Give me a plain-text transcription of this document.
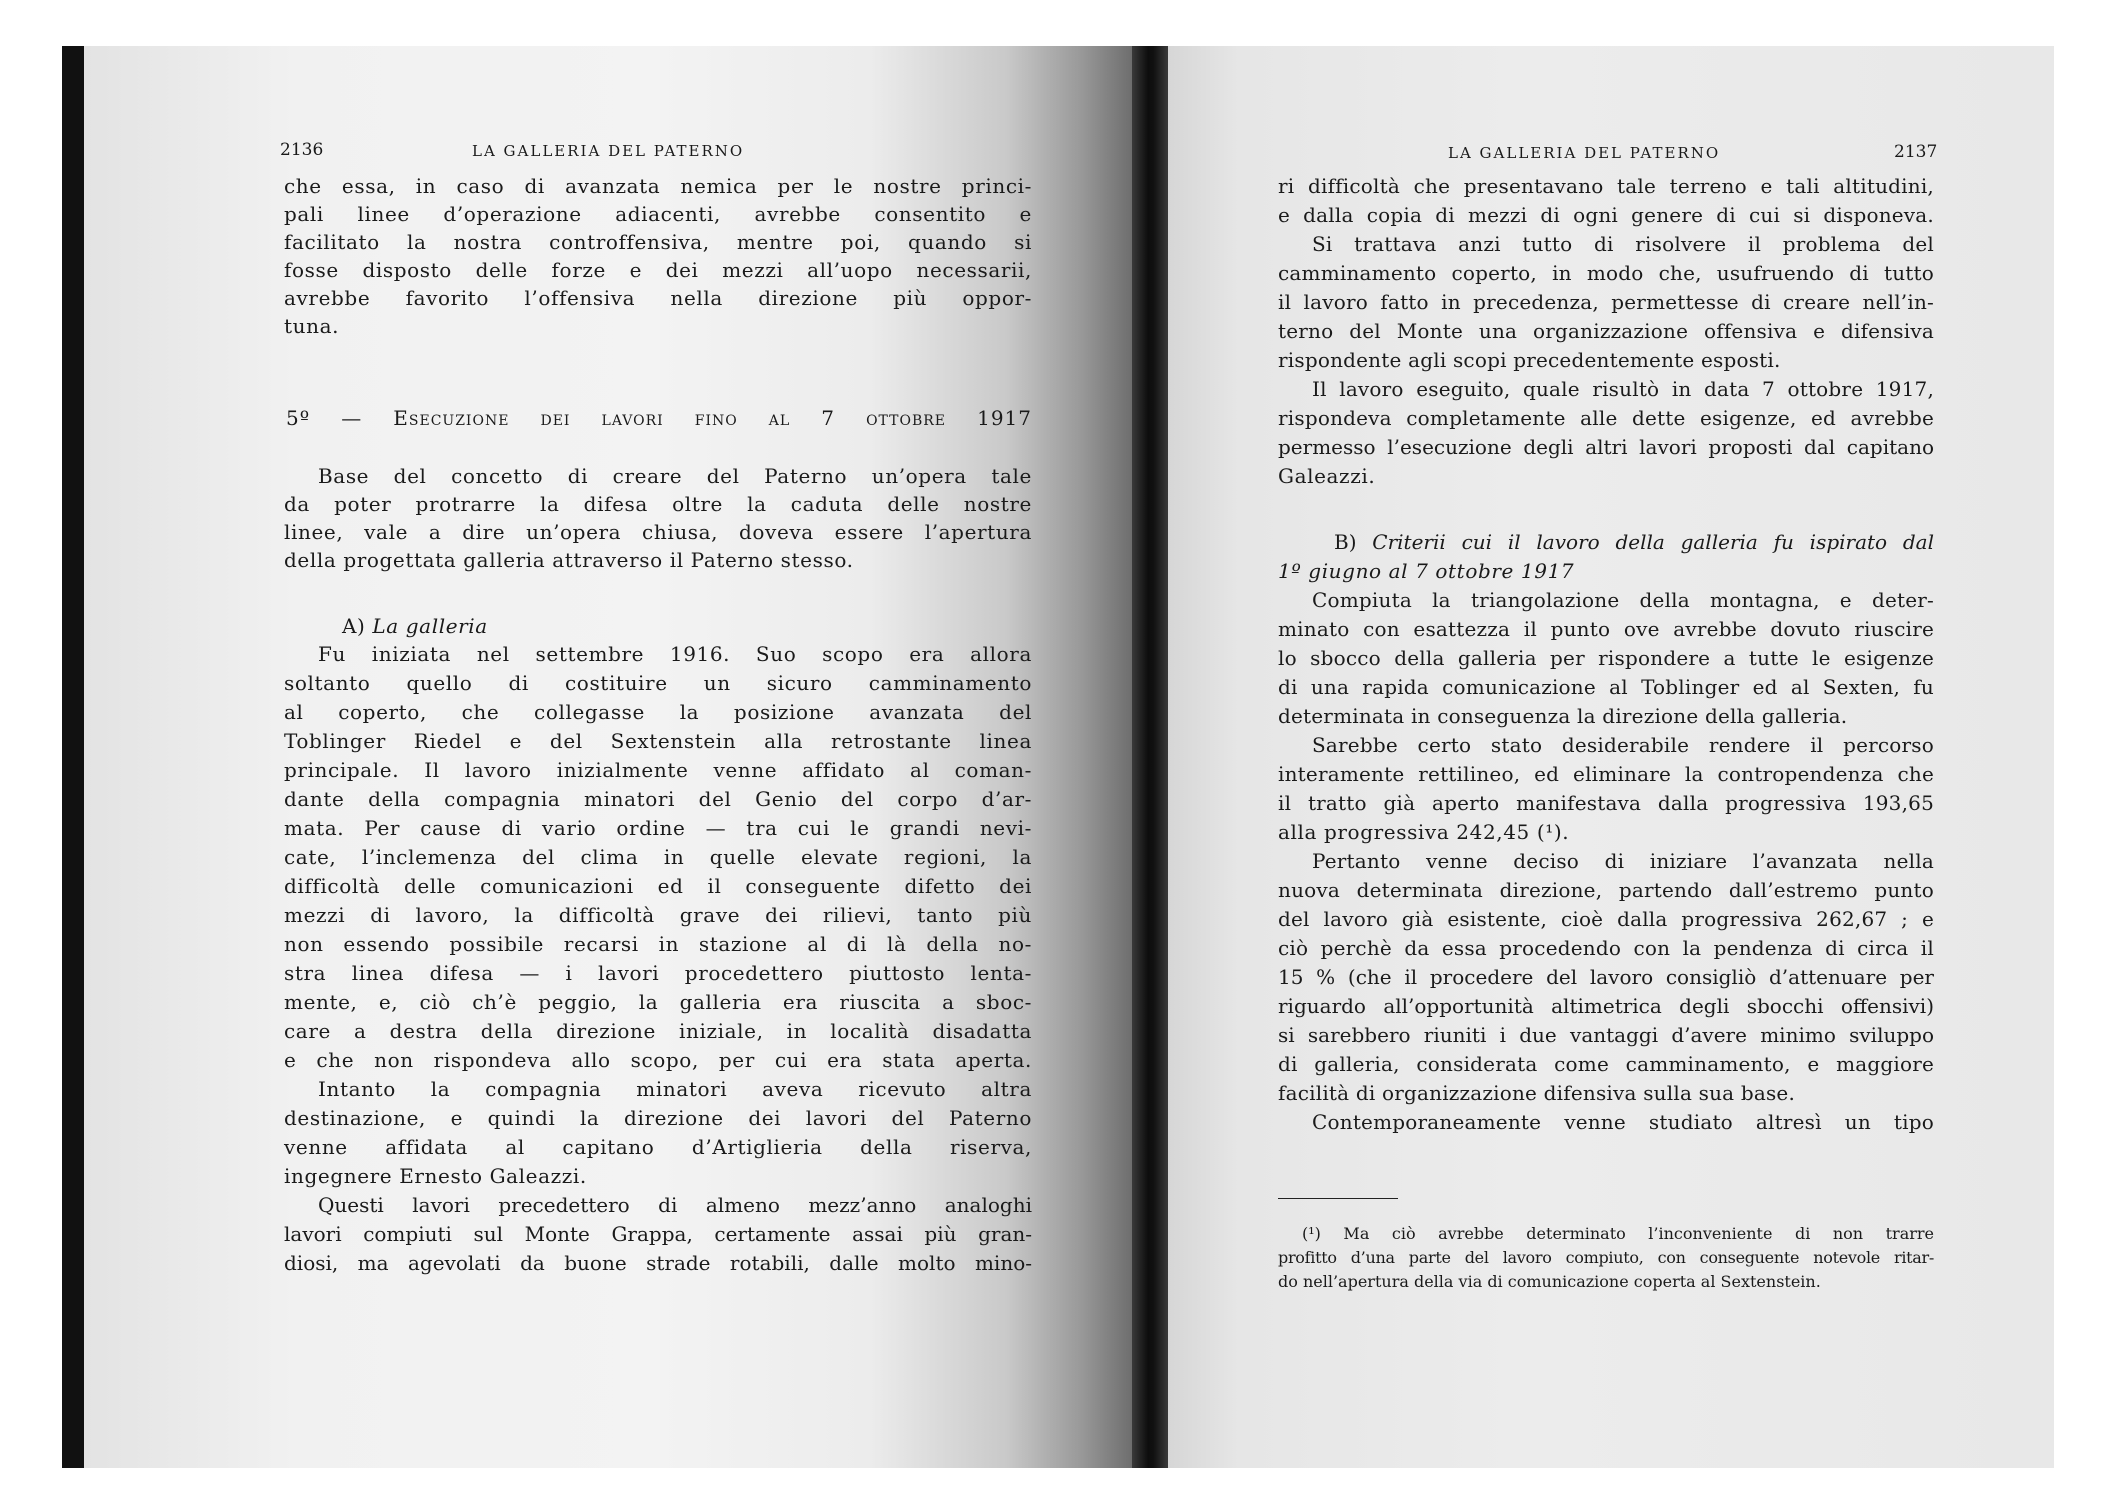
2136	LA GALLERIA DEL PATERNO
che essa, in caso di avanzata nemica per le nostre princi-
pali linee d’operazione adiacenti, avrebbe consentito e
facilitato la nostra controffensiva, mentre poi, quando si
fosse disposto delle forze e dei mezzi all’uopo necessarii,
avrebbe favorito l’offensiva nella direzione più oppor-
tuna.
5º — Esecuzione dei lavori fino al 7 ottobre 1917
Base del concetto di creare del Paterno un’opera tale
da poter protrarre la difesa oltre la caduta delle nostre
linee, vale a dire un’opera chiusa, doveva essere l’apertura
della progettata galleria attraverso il Paterno stesso.
A) La galleria
Fu iniziata nel settembre 1916. Suo scopo era allora
soltanto quello di costituire un sicuro camminamento
al coperto, che collegasse la posizione avanzata del
Toblinger Riedel e del Sextenstein alla retrostante linea
principale. Il lavoro inizialmente venne affidato al coman-
dante della compagnia minatori del Genio del corpo d’ar-
mata. Per cause di vario ordine — tra cui le grandi nevi-
cate, l’inclemenza del clima in quelle elevate regioni, la
difficoltà delle comunicazioni ed il conseguente difetto dei
mezzi di lavoro, la difficoltà grave dei rilievi, tanto più
non essendo possibile recarsi in stazione al di là della no-
stra linea difesa — i lavori procedettero piuttosto lenta-
mente, e, ciò ch’è peggio, la galleria era riuscita a sboc-
care a destra della direzione iniziale, in località disadatta
e che non rispondeva allo scopo, per cui era stata aperta.
Intanto la compagnia minatori aveva ricevuto altra
destinazione, e quindi la direzione dei lavori del Paterno
venne affidata al capitano d’Artiglieria della riserva,
ingegnere Ernesto Galeazzi.
Questi lavori precedettero di almeno mezz’anno analoghi
lavori compiuti sul Monte Grappa, certamente assai più gran-
diosi, ma agevolati da buone strade rotabili, dalle molto mino-
LA GALLERIA DEL PATERNO	2137
ri difficoltà che presentavano tale terreno e tali altitudini,
e dalla copia di mezzi di ogni genere di cui si disponeva.
Si trattava anzi tutto di risolvere il problema del
camminamento coperto, in modo che, usufruendo di tutto
il lavoro fatto in precedenza, permettesse di creare nell’in-
terno del Monte una organizzazione offensiva e difensiva
rispondente agli scopi precedentemente esposti.
Il lavoro eseguito, quale risultò in data 7 ottobre 1917,
rispondeva completamente alle dette esigenze, ed avrebbe
permesso l’esecuzione degli altri lavori proposti dal capitano
Galeazzi.
B) Criterii cui il lavoro della galleria fu ispirato dal
1º giugno al 7 ottobre 1917
Compiuta la triangolazione della montagna, e deter-
minato con esattezza il punto ove avrebbe dovuto riuscire
lo sbocco della galleria per rispondere a tutte le esigenze
di una rapida comunicazione al Toblinger ed al Sexten, fu
determinata in conseguenza la direzione della galleria.
Sarebbe certo stato desiderabile rendere il percorso
interamente rettilineo, ed eliminare la contropendenza che
il tratto già aperto manifestava dalla progressiva 193,65
alla progressiva 242,45 (¹).
Pertanto venne deciso di iniziare l’avanzata nella
nuova determinata direzione, partendo dall’estremo punto
del lavoro già esistente, cioè dalla progressiva 262,67 ; e
ciò perchè da essa procedendo con la pendenza di circa il
15 % (che il procedere del lavoro consigliò d’attenuare per
riguardo all’opportunità altimetrica degli sbocchi offensivi)
si sarebbero riuniti i due vantaggi d’avere minimo sviluppo
di galleria, considerata come camminamento, e maggiore
facilità di organizzazione difensiva sulla sua base.
Contemporaneamente venne studiato altresì un tipo
(¹) Ma ciò avrebbe determinato l’inconveniente di non trarre
profitto d’una parte del lavoro compiuto, con conseguente notevole ritar-
do nell’apertura della via di comunicazione coperta al Sextenstein.
